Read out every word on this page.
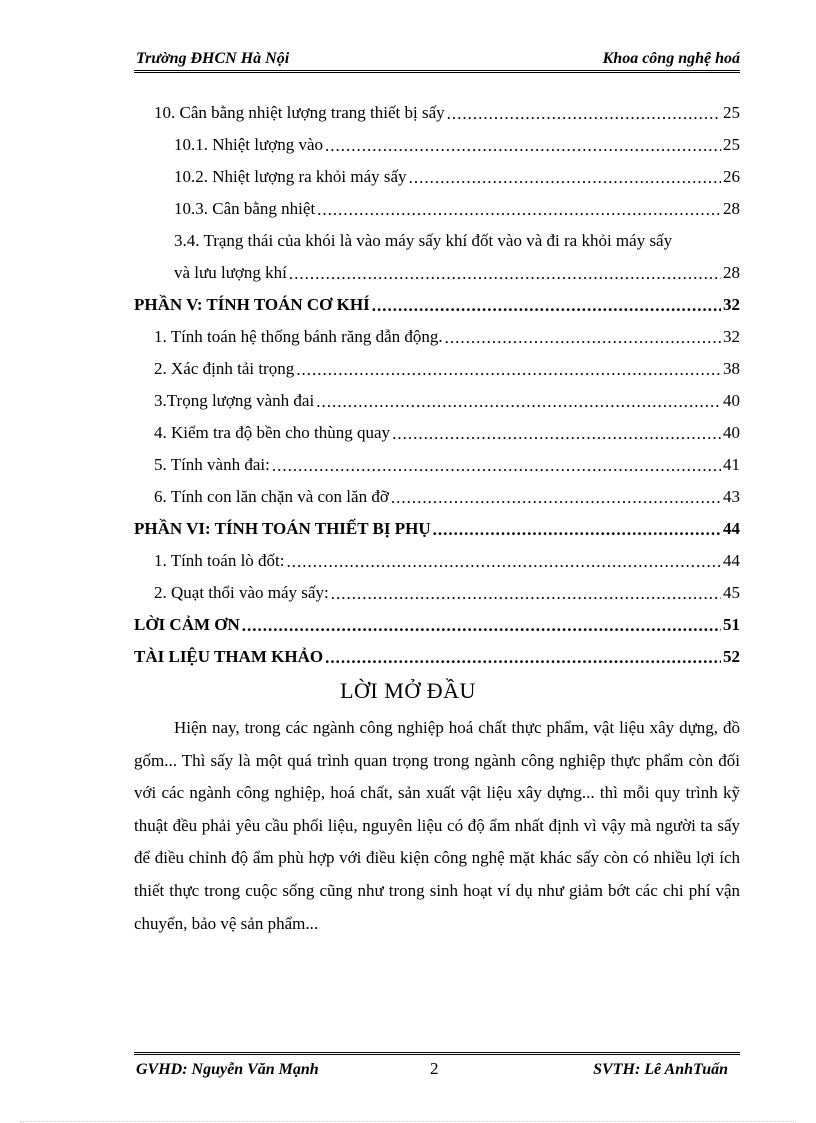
Trường ĐHCN Hà Nội	Khoa công nghệ hoá
10. Cân bằng nhiệt lượng trang thiết bị sấy .....	25
10.1. Nhiệt lượng vào .....	25
10.2. Nhiệt lượng ra khỏi máy sấy .....	26
10.3. Cân bằng nhiệt .....	28
3.4. Trạng thái của khói là vào máy sấy khí đốt vào và đi ra khỏi máy sấy
và lưu lượng khí .....	28
PHẦN V: TÍNH TOÁN CƠ KHÍ .....	32
1. Tính toán hệ thống bánh răng dẫn động. .....	32
2. Xác định tải trọng .....	38
3.Trọng lượng vành đai .....	40
4. Kiểm tra độ bền cho thùng quay .....	40
5. Tính vành đai: .....	41
6. Tính con lăn chặn và con lăn đỡ .....	43
PHẦN VI: TÍNH TOÁN THIẾT BỊ PHỤ .....	44
1. Tính toán lò đốt: .....	44
2. Quạt thổi vào máy sấy: .....	45
LỜI CẢM ƠN .....	51
TÀI LIỆU THAM KHẢO .....	52
LỜI MỞ ĐẦU
Hiện nay, trong các ngành công nghiệp hoá chất thực phẩm, vật liệu xây dựng, đồ gốm... Thì sấy là một quá trình quan trọng trong ngành công nghiệp thực phẩm còn đối với các ngành công nghiệp, hoá chất, sản xuất vật liệu xây dựng... thì mỗi quy trình kỹ thuật đều phải yêu cầu phối liệu, nguyên liệu có độ ẩm nhất định vì vậy mà người ta sấy để điều chỉnh độ ẩm phù hợp với điều kiện công nghệ mặt khác sấy còn có nhiều lợi ích thiết thực trong cuộc sống cũng như trong sinh hoạt ví dụ như giảm bớt các chi phí vận chuyển, bảo vệ sản phẩm...
GVHD: Nguyễn Văn Mạnh	2	SVTH: Lê AnhTuấn
